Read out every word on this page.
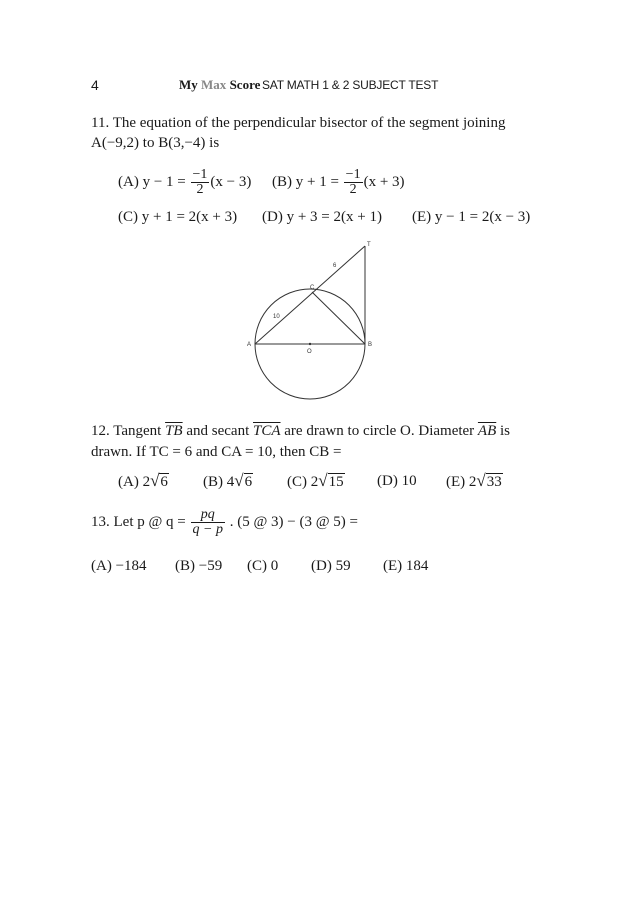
4	My Max Score SAT MATH 1 & 2 SUBJECT TEST
11. The equation of the perpendicular bisector of the segment joining
A(−9,2) to B(3,−4) is
(A) $y - 1 = \frac{-1}{2} (x - 3)$ (B) $y + 1 = \frac{-1}{2} (x + 3)$
(C) y + 1 = 2(x + 3) (D) y + 3 = 2(x + 1) (E) y − 1 = 2(x − 3)
T
C
A	B
O
6
10
12. Tangent $\overline{TB}$ and secant $\overline{TCA}$ are drawn to circle O. Diameter $\overline{AB}$ is
drawn. If TC = 6 and CA = 10, then CB =
(A) 2√6 (B) 4√6 (C) 2√15 (D) 10 (E) 2√33
13. Let p @ $q = \frac{pq}{q - p}$ . (5 @ 3) − (3 @ 5) =
(A) −184 (B) −59 (C) 0 (D) 59 (E) 184
